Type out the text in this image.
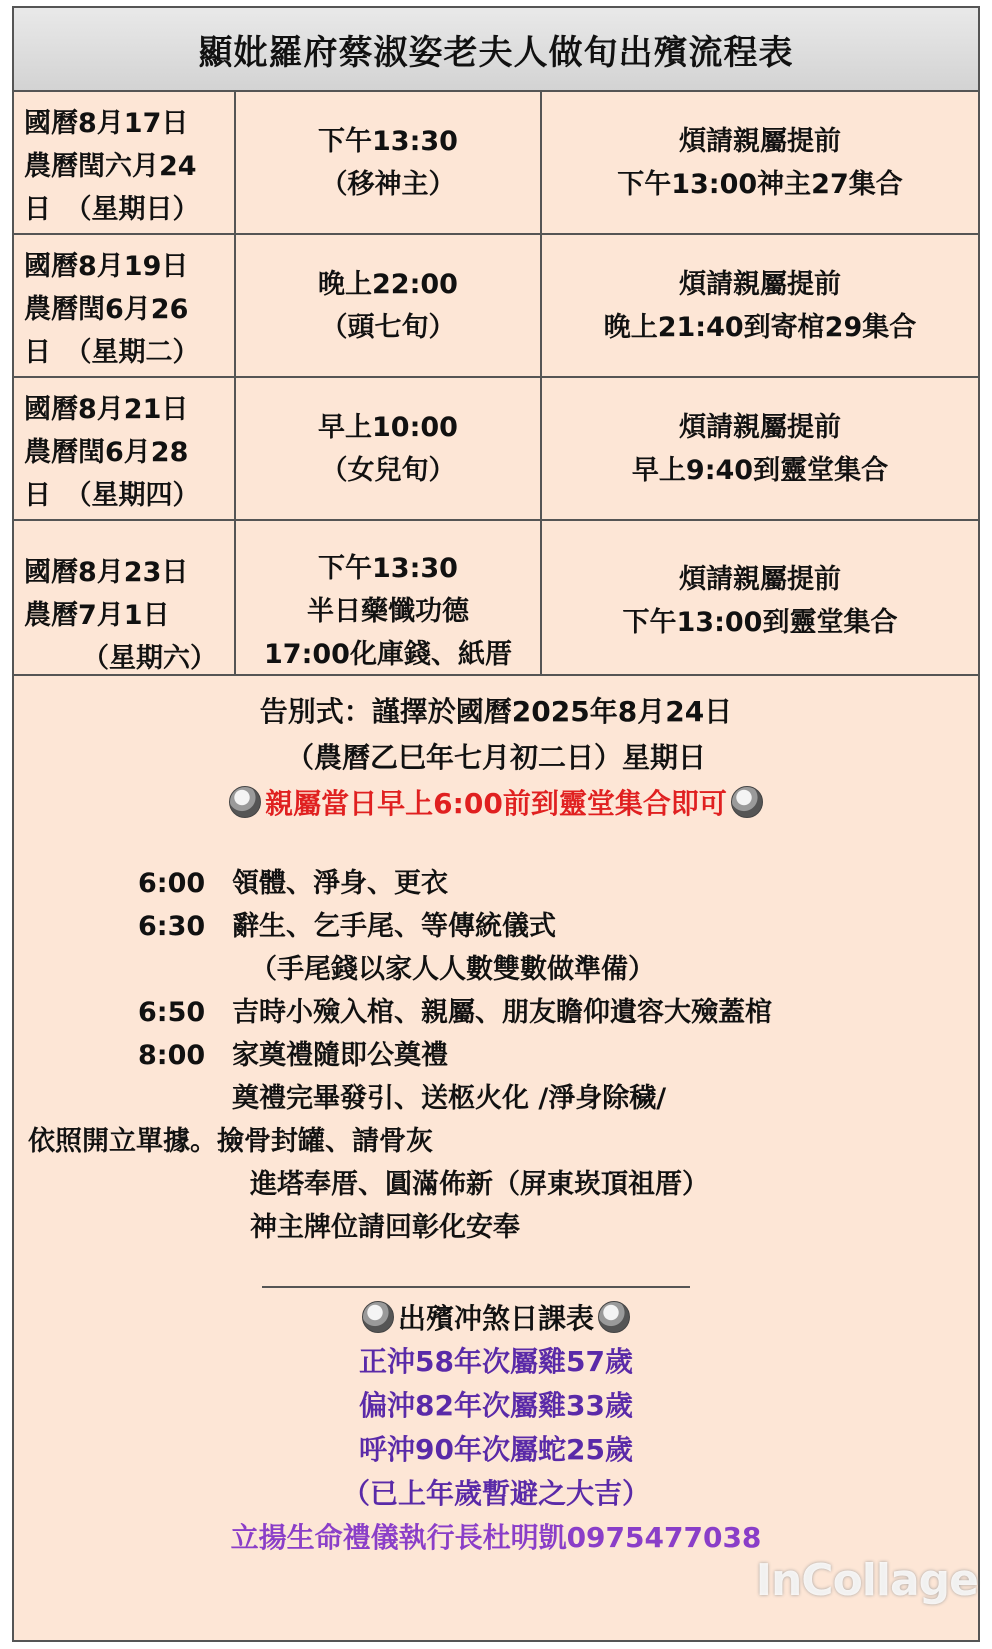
顯妣羅府蔡淑姿老夫人做旬出殯流程表
國曆8月17日
農曆閏六月24
日　（星期日）
下午13:30
（移神主）
煩請親屬提前
下午13:00神主27集合
國曆8月19日
農曆閏6月26
日　（星期二）
晚上22:00
（頭七旬）
煩請親屬提前
晚上21:40到寄棺29集合
國曆8月21日
農曆閏6月28
日　（星期四）
早上10:00
（女兒旬）
煩請親屬提前
早上9:40到靈堂集合
國曆8月23日
農曆7月1日
（星期六）
下午13:30
半日藥懺功德
17:00化庫錢、紙厝
煩請親屬提前
下午13:00到靈堂集合
告別式：謹擇於國曆2025年8月24日
（農曆乙巳年七月初二日）星期日
親屬當日早上6:00前到靈堂集合即可
6:00 領體、淨身、更衣
6:30 辭生、乞手尾、等傳統儀式
（手尾錢以家人人數雙數做準備）
6:50 吉時小殮入棺、親屬、朋友瞻仰遺容大殮蓋棺
8:00 家奠禮隨即公奠禮
奠禮完畢發引、送柩火化 /淨身除穢/
依照開立單據。撿骨封罐、請骨灰
進塔奉厝、圓滿佈新（屏東崁頂祖厝）
神主牌位請回彰化安奉
出殯冲煞日課表
正沖58年次屬雞57歲
偏沖82年次屬雞33歲
呼沖90年次屬蛇25歲
（已上年歲暫避之大吉）
立揚生命禮儀執行長杜明凱0975477038
InCollage
